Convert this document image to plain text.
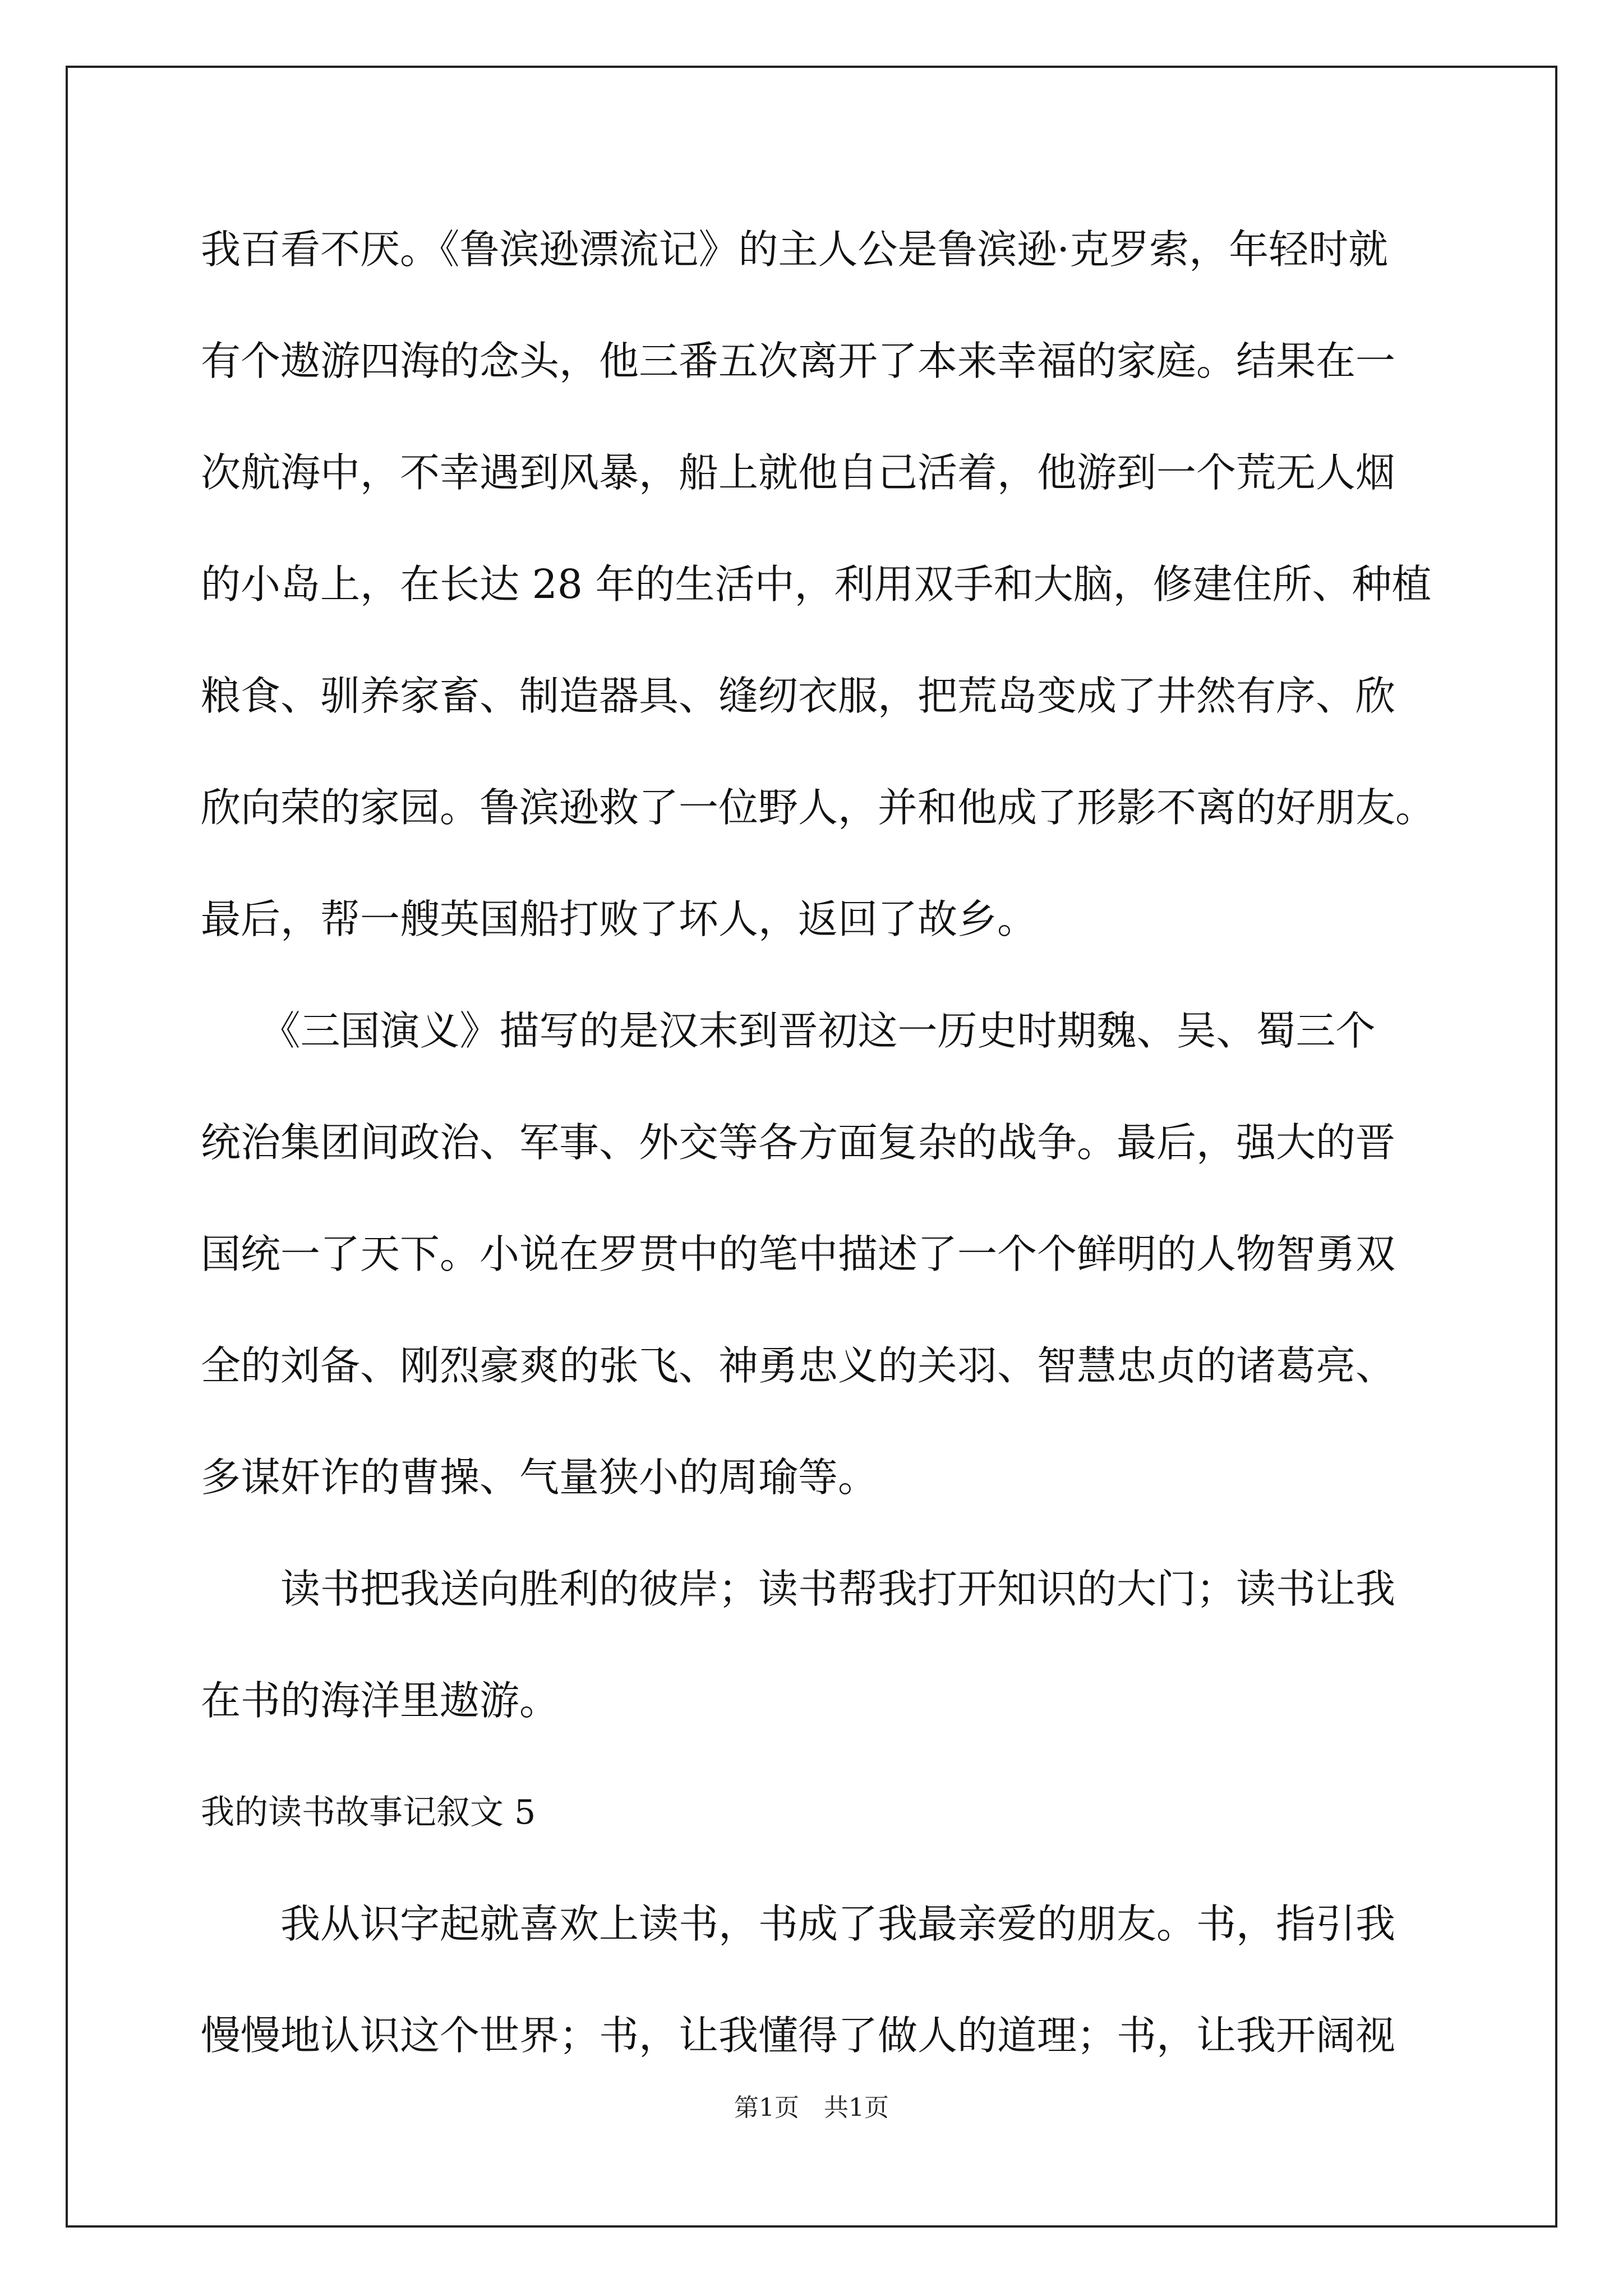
我百看不厌。《鲁滨逊漂流记》的主人公是鲁滨逊·克罗索，年轻时就
有个遨游四海的念头，他三番五次离开了本来幸福的家庭。结果在一
次航海中，不幸遇到风暴，船上就他自己活着，他游到一个荒无人烟
的小岛上，在长达 28 年的生活中，利用双手和大脑，修建住所、种植
粮食、驯养家畜、制造器具、缝纫衣服，把荒岛变成了井然有序、欣
欣向荣的家园。鲁滨逊救了一位野人，并和他成了形影不离的好朋友。
最后，帮一艘英国船打败了坏人，返回了故乡。
　　《三国演义》描写的是汉末到晋初这一历史时期魏、吴、蜀三个
统治集团间政治、军事、外交等各方面复杂的战争。最后，强大的晋
国统一了天下。小说在罗贯中的笔中描述了一个个鲜明的人物智勇双
全的刘备、刚烈豪爽的张飞、神勇忠义的关羽、智慧忠贞的诸葛亮、
多谋奸诈的曹操、气量狭小的周瑜等。
　　读书把我送向胜利的彼岸；读书帮我打开知识的大门；读书让我
在书的海洋里遨游。
我的读书故事记叙文 5
　　我从识字起就喜欢上读书，书成了我最亲爱的朋友。书，指引我
慢慢地认识这个世界；书，让我懂得了做人的道理；书，让我开阔视
第1页　共1页
